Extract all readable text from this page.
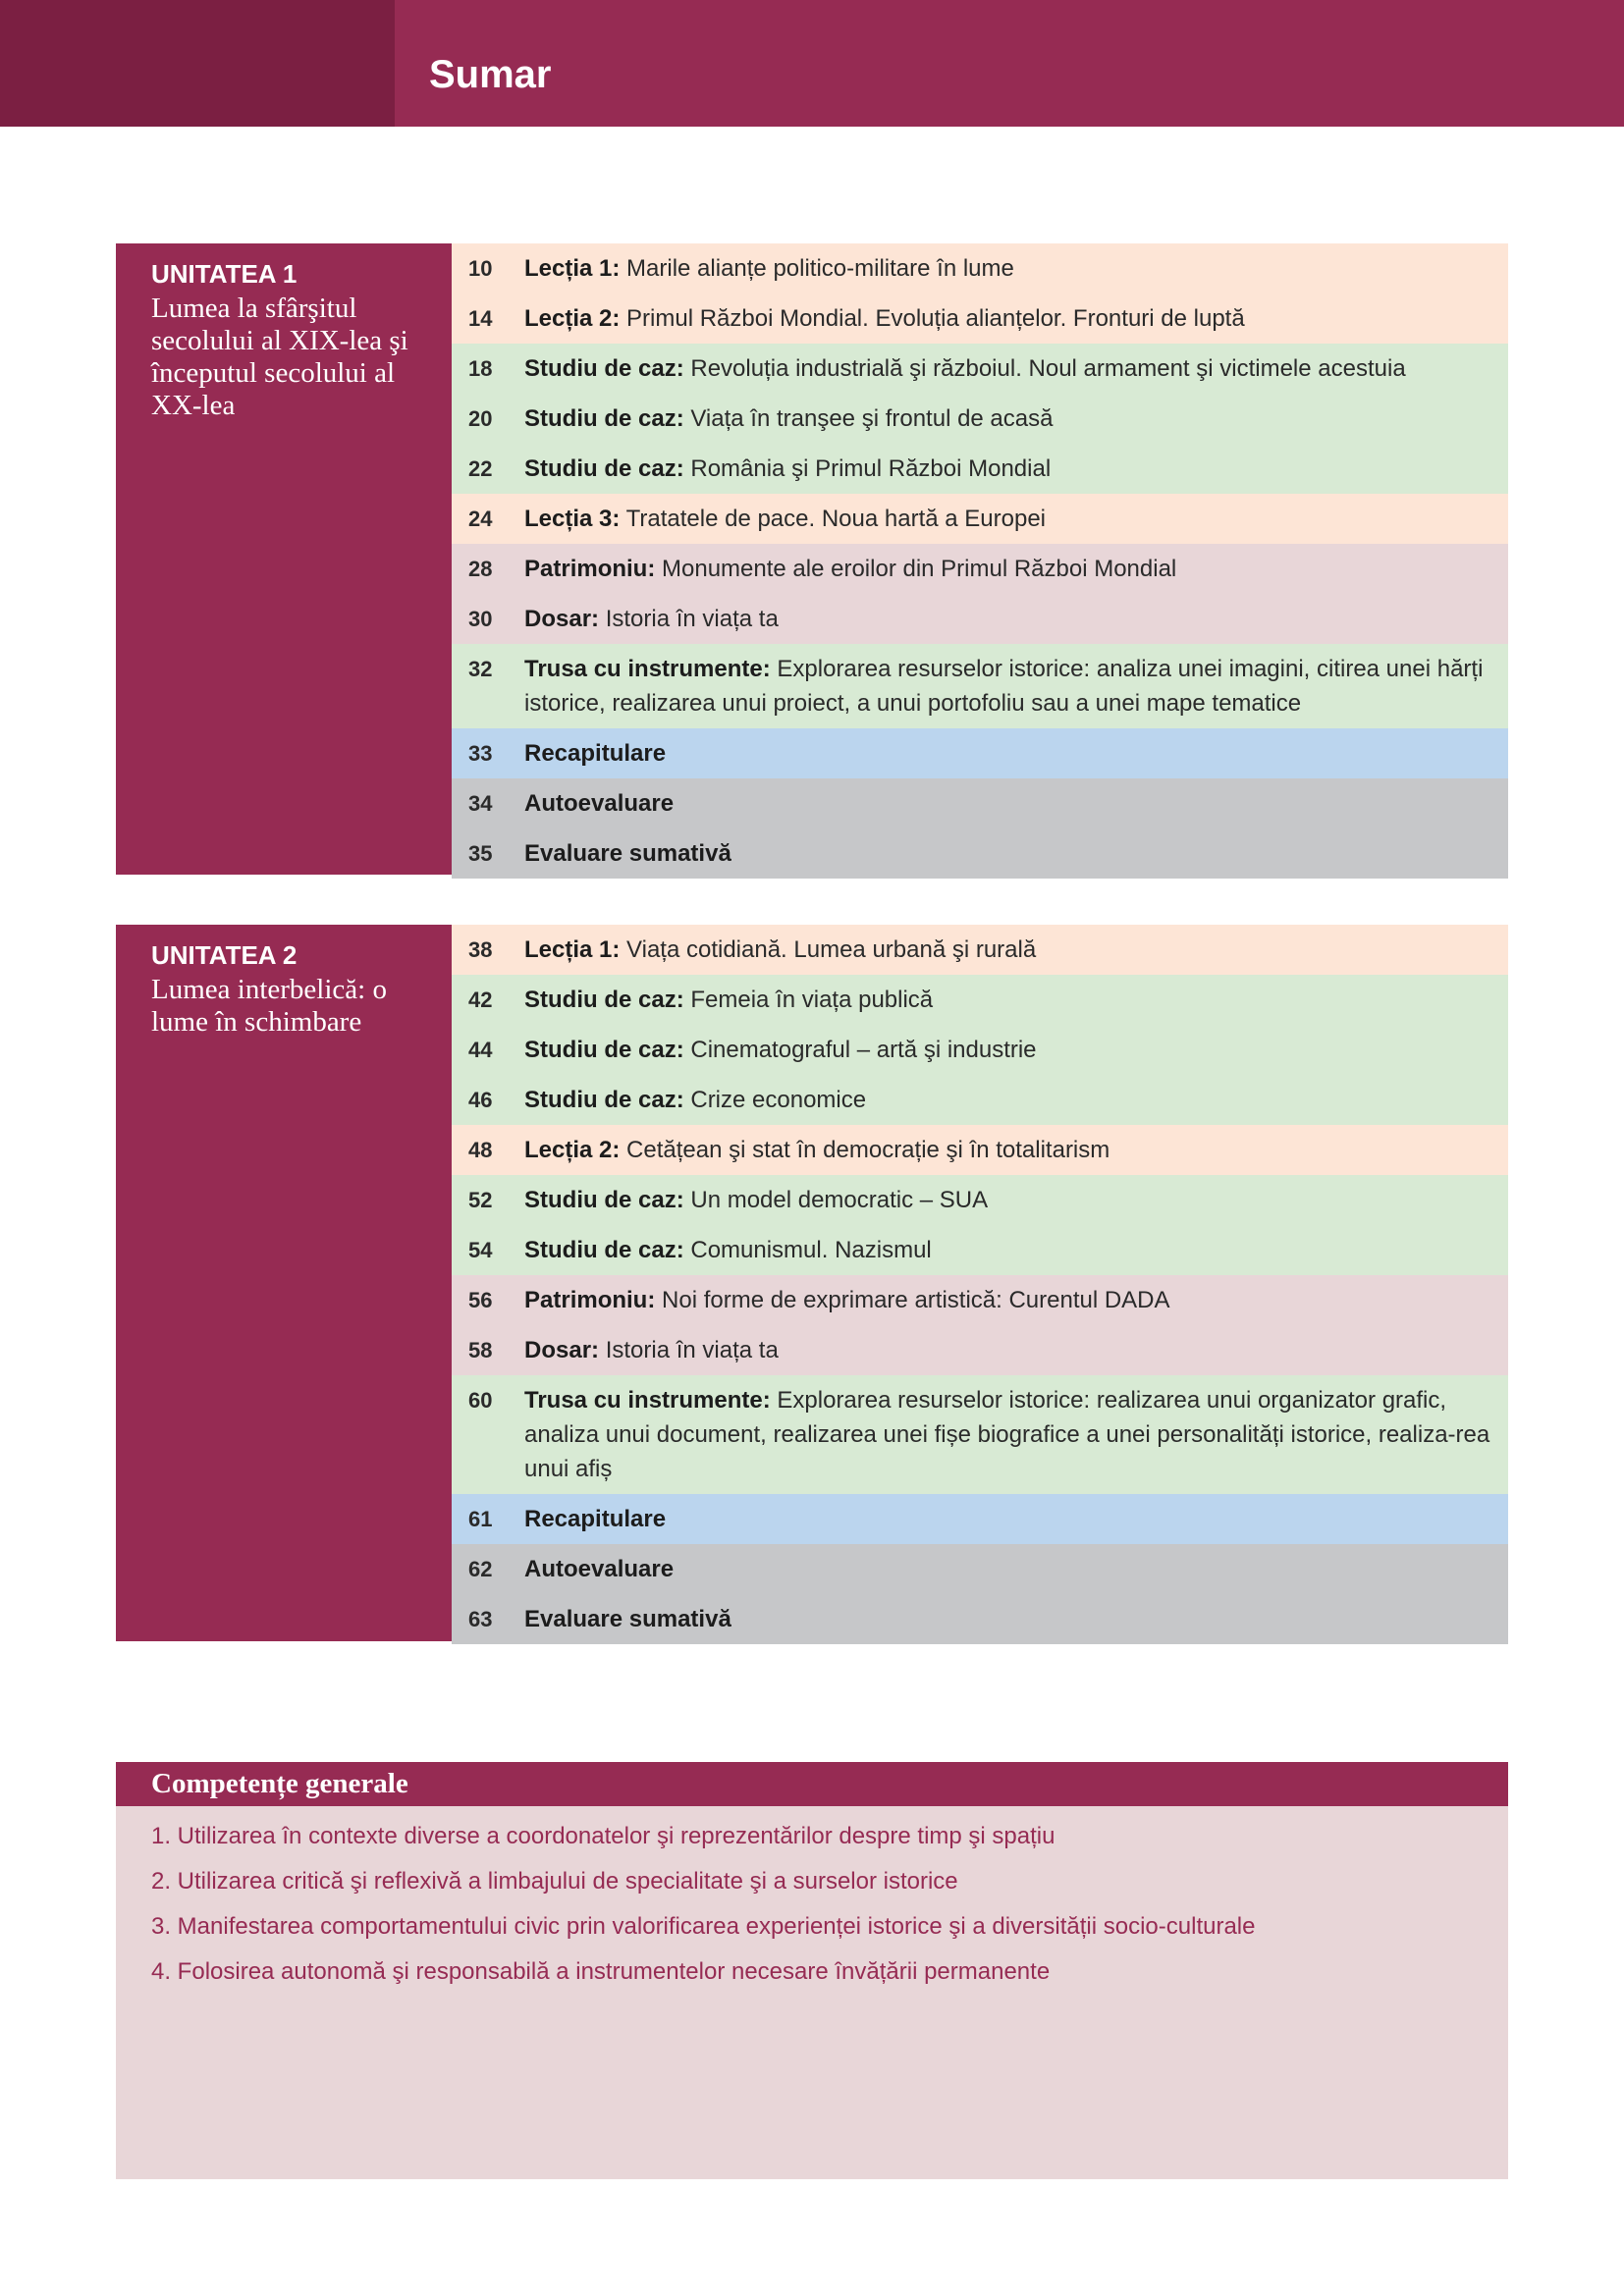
Sumar
UNITATEA 1
Lumea la sfârşitul secolului al XIX-lea şi începutul secolului al XX-lea
10	Lecția 1: Marile alianțe politico-militare în lume
14	Lecția 2: Primul Război Mondial. Evoluția alianțelor. Fronturi de luptă
18	Studiu de caz: Revoluția industrială şi războiul. Noul armament şi victimele acestuia
20	Studiu de caz: Viața în tranşee şi frontul de acasă
22	Studiu de caz: România şi Primul Război Mondial
24	Lecția 3: Tratatele de pace. Noua hartă a Europei
28	Patrimoniu: Monumente ale eroilor din Primul Război Mondial
30	Dosar: Istoria în viața ta
32	Trusa cu instrumente: Explorarea resurselor istorice: analiza unei imagini, citirea unei hărți istorice, realizarea unui proiect, a unui portofoliu sau a unei mape tematice
33	Recapitulare
34	Autoevaluare
35	Evaluare sumativă
UNITATEA 2
Lumea interbelică: o lume în schimbare
38	Lecția 1: Viața cotidiană. Lumea urbană şi rurală
42	Studiu de caz: Femeia în viața publică
44	Studiu de caz: Cinematograful – artă şi industrie
46	Studiu de caz: Crize economice
48	Lecția 2: Cetățean şi stat în democrație şi în totalitarism
52	Studiu de caz: Un model democratic – SUA
54	Studiu de caz: Comunismul. Nazismul
56	Patrimoniu: Noi forme de exprimare artistică: Curentul DADA
58	Dosar: Istoria în viața ta
60	Trusa cu instrumente: Explorarea resurselor istorice: realizarea unui organizator grafic, analiza unui document, realizarea unei fișe biografice a unei personalități istorice, realiza-rea unui afiș
61	Recapitulare
62	Autoevaluare
63	Evaluare sumativă
Competențe generale
1. Utilizarea în contexte diverse a coordonatelor şi reprezentărilor despre timp şi spațiu
2. Utilizarea critică şi reflexivă a limbajului de specialitate şi a surselor istorice
3. Manifestarea comportamentului civic prin valorificarea experienței istorice şi a diversității socio-culturale
4. Folosirea autonomă şi responsabilă a instrumentelor necesare învățării permanente
